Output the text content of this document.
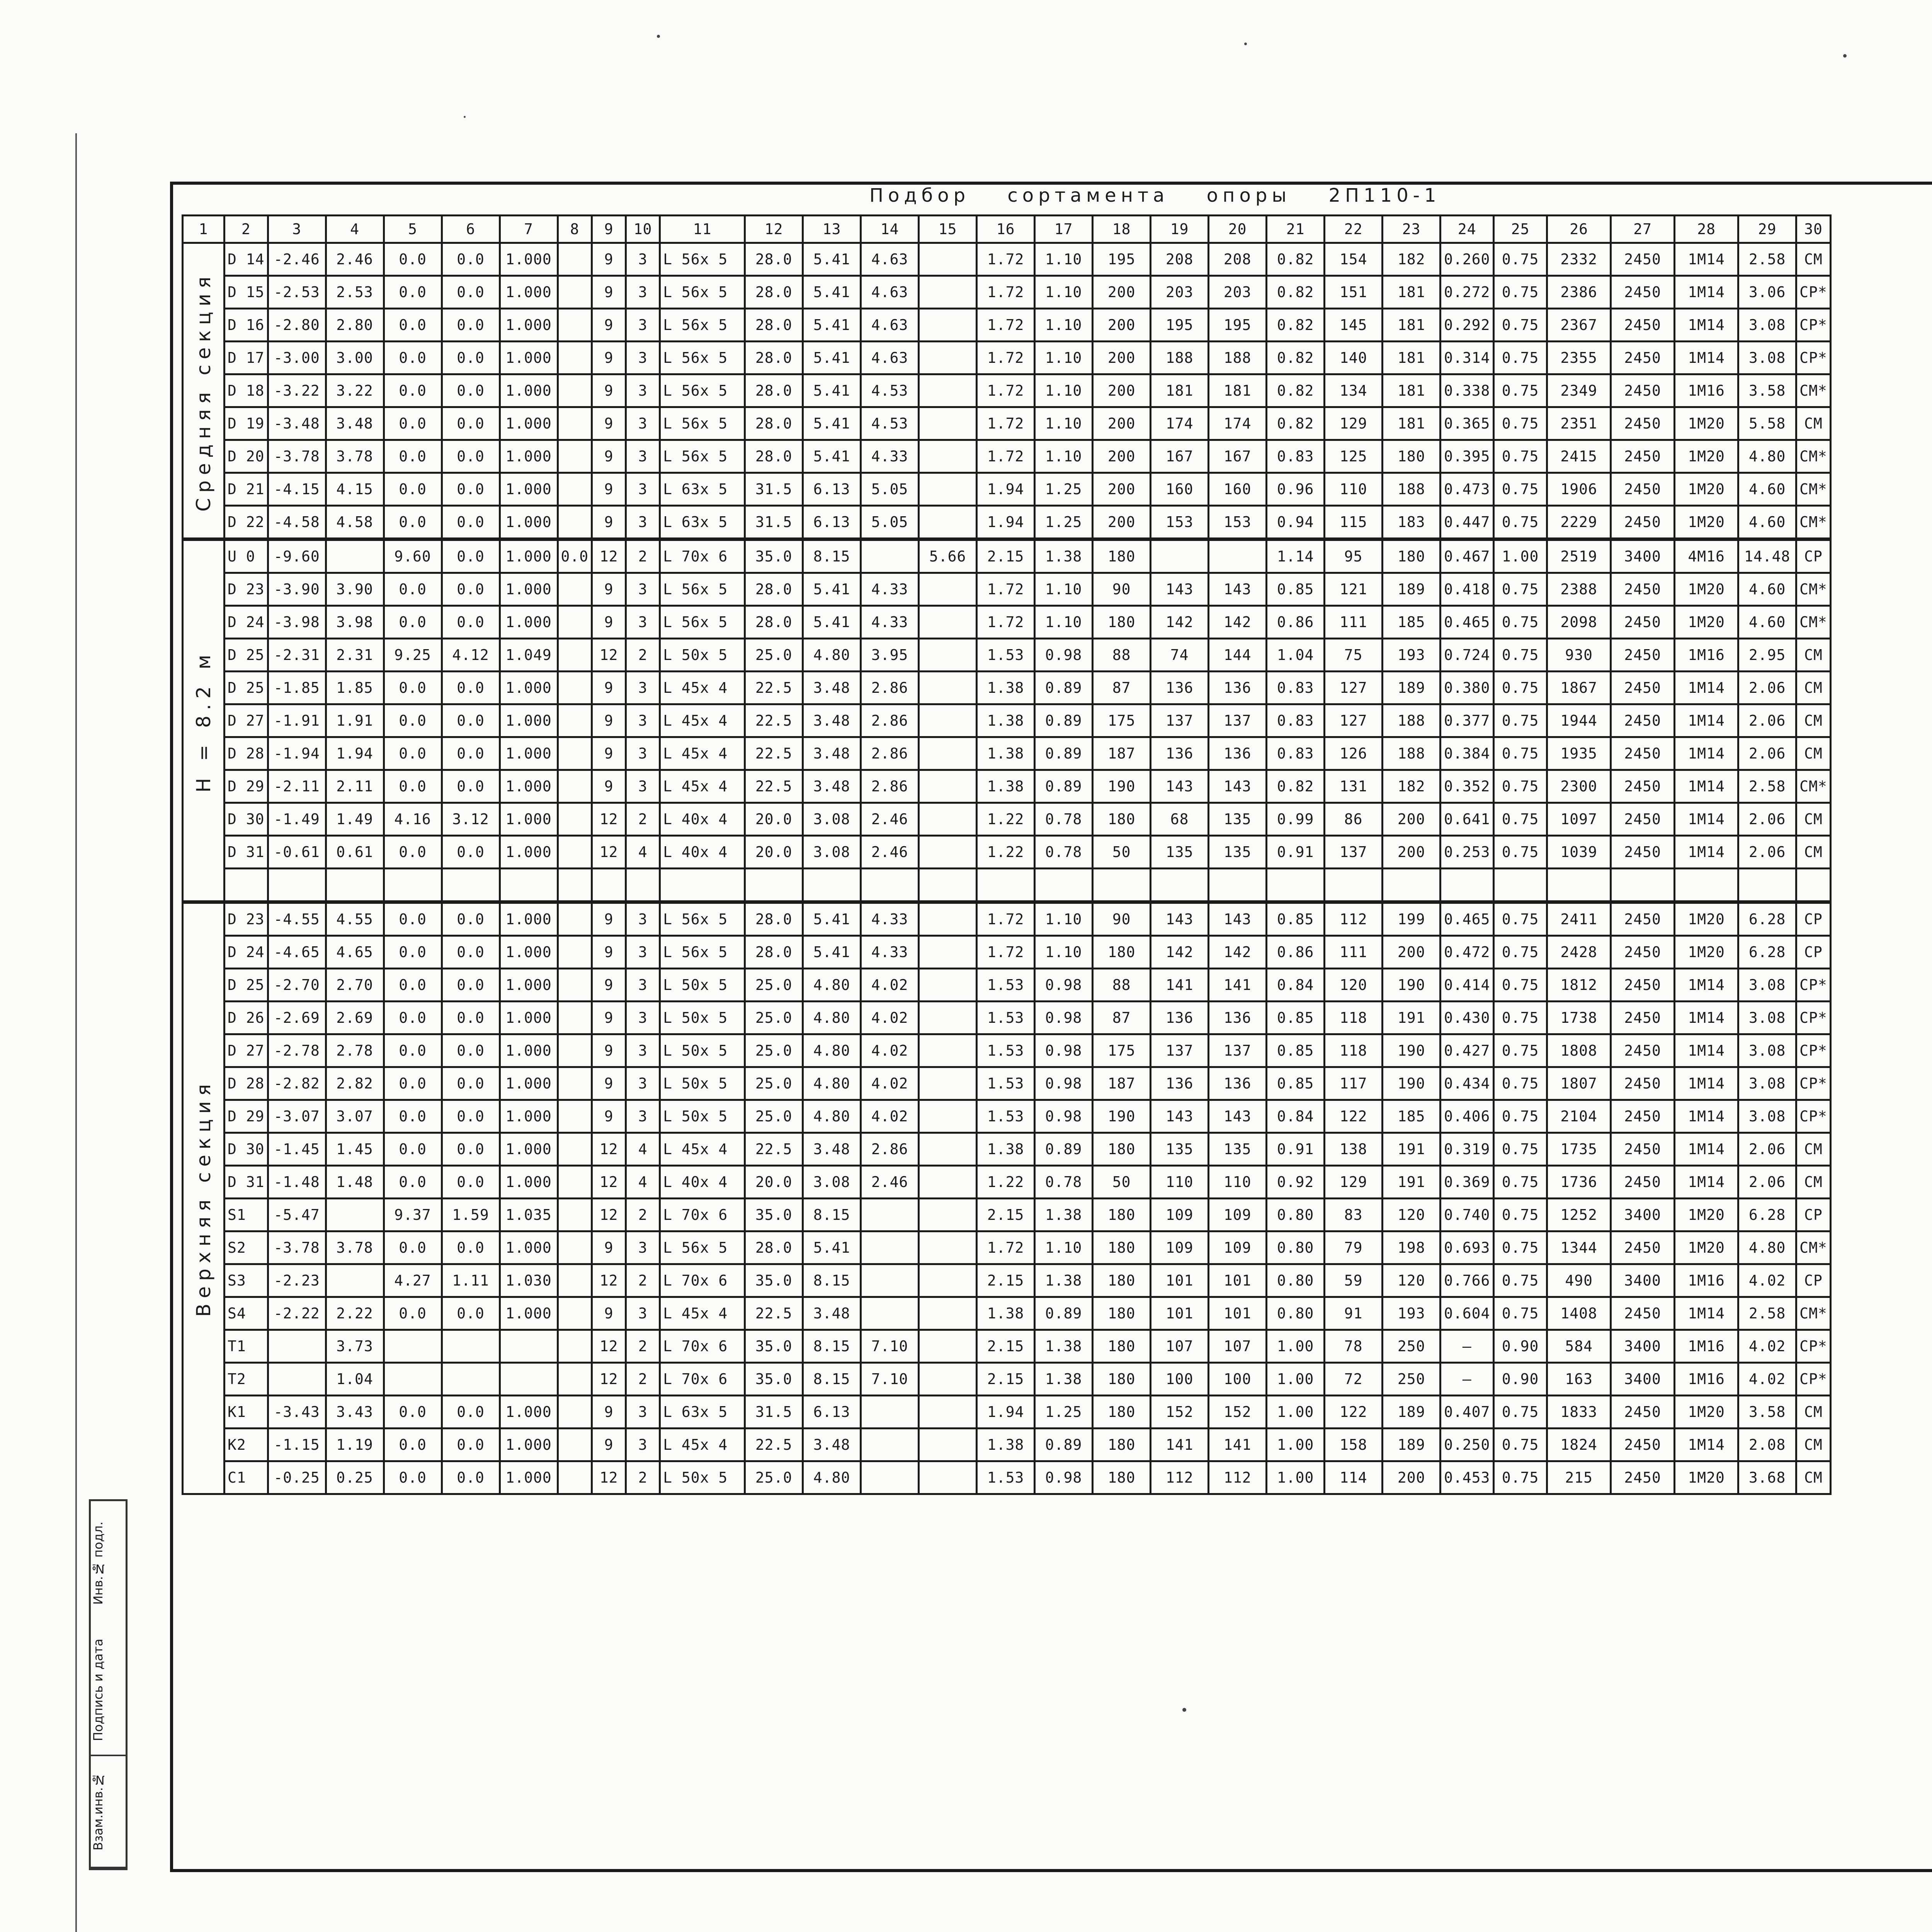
Подбор сортамента опоры 2П110-1
1	2	3	4	5	6	7	8	9	10	11	12	13	14	15	16	17	18	19	20	21	22	23	24	25	26	27	28	29	30
Средняя секция	D 14	-2.46	2.46	0.0	0.0	1.000		9	3	L 56x 5	28.0	5.41	4.63		1.72	1.10	195	208	208	0.82	154	182	0.260	0.75	2332	2450	1M14	2.58	СМ
	D 15	-2.53	2.53	0.0	0.0	1.000		9	3	L 56x 5	28.0	5.41	4.63		1.72	1.10	200	203	203	0.82	151	181	0.272	0.75	2386	2450	1M14	3.06	СР*
	D 16	-2.80	2.80	0.0	0.0	1.000		9	3	L 56x 5	28.0	5.41	4.63		1.72	1.10	200	195	195	0.82	145	181	0.292	0.75	2367	2450	1M14	3.08	СР*
	D 17	-3.00	3.00	0.0	0.0	1.000		9	3	L 56x 5	28.0	5.41	4.63		1.72	1.10	200	188	188	0.82	140	181	0.314	0.75	2355	2450	1M14	3.08	СР*
	D 18	-3.22	3.22	0.0	0.0	1.000		9	3	L 56x 5	28.0	5.41	4.53		1.72	1.10	200	181	181	0.82	134	181	0.338	0.75	2349	2450	1M16	3.58	СМ*
	D 19	-3.48	3.48	0.0	0.0	1.000		9	3	L 56x 5	28.0	5.41	4.53		1.72	1.10	200	174	174	0.82	129	181	0.365	0.75	2351	2450	1M20	5.58	СМ
	D 20	-3.78	3.78	0.0	0.0	1.000		9	3	L 56x 5	28.0	5.41	4.33		1.72	1.10	200	167	167	0.83	125	180	0.395	0.75	2415	2450	1M20	4.80	СМ*
	D 21	-4.15	4.15	0.0	0.0	1.000		9	3	L 63x 5	31.5	6.13	5.05		1.94	1.25	200	160	160	0.96	110	188	0.473	0.75	1906	2450	1M20	4.60	СМ*
	D 22	-4.58	4.58	0.0	0.0	1.000		9	3	L 63x 5	31.5	6.13	5.05		1.94	1.25	200	153	153	0.94	115	183	0.447	0.75	2229	2450	1M20	4.60	СМ*
H = 8.2 м	U 0	-9.60		9.60	0.0	1.000	0.0	12	2	L 70x 6	35.0	8.15		5.66	2.15	1.38	180			1.14	95	180	0.467	1.00	2519	3400	4M16	14.48	СР
	D 23	-3.90	3.90	0.0	0.0	1.000		9	3	L 56x 5	28.0	5.41	4.33		1.72	1.10	90	143	143	0.85	121	189	0.418	0.75	2388	2450	1M20	4.60	СМ*
	D 24	-3.98	3.98	0.0	0.0	1.000		9	3	L 56x 5	28.0	5.41	4.33		1.72	1.10	180	142	142	0.86	111	185	0.465	0.75	2098	2450	1M20	4.60	СМ*
	D 25	-2.31	2.31	9.25	4.12	1.049		12	2	L 50x 5	25.0	4.80	3.95		1.53	0.98	88	74	144	1.04	75	193	0.724	0.75	930	2450	1M16	2.95	СМ
	D 25	-1.85	1.85	0.0	0.0	1.000		9	3	L 45x 4	22.5	3.48	2.86		1.38	0.89	87	136	136	0.83	127	189	0.380	0.75	1867	2450	1M14	2.06	СМ
	D 27	-1.91	1.91	0.0	0.0	1.000		9	3	L 45x 4	22.5	3.48	2.86		1.38	0.89	175	137	137	0.83	127	188	0.377	0.75	1944	2450	1M14	2.06	СМ
	D 28	-1.94	1.94	0.0	0.0	1.000		9	3	L 45x 4	22.5	3.48	2.86		1.38	0.89	187	136	136	0.83	126	188	0.384	0.75	1935	2450	1M14	2.06	СМ
	D 29	-2.11	2.11	0.0	0.0	1.000		9	3	L 45x 4	22.5	3.48	2.86		1.38	0.89	190	143	143	0.82	131	182	0.352	0.75	2300	2450	1M14	2.58	СМ*
	D 30	-1.49	1.49	4.16	3.12	1.000		12	2	L 40x 4	20.0	3.08	2.46		1.22	0.78	180	68	135	0.99	86	200	0.641	0.75	1097	2450	1M14	2.06	СМ
	D 31	-0.61	0.61	0.0	0.0	1.000		12	4	L 40x 4	20.0	3.08	2.46		1.22	0.78	50	135	135	0.91	137	200	0.253	0.75	1039	2450	1M14	2.06	СМ

Верхняя секция	D 23	-4.55	4.55	0.0	0.0	1.000		9	3	L 56x 5	28.0	5.41	4.33		1.72	1.10	90	143	143	0.85	112	199	0.465	0.75	2411	2450	1M20	6.28	СР
	D 24	-4.65	4.65	0.0	0.0	1.000		9	3	L 56x 5	28.0	5.41	4.33		1.72	1.10	180	142	142	0.86	111	200	0.472	0.75	2428	2450	1M20	6.28	СР
	D 25	-2.70	2.70	0.0	0.0	1.000		9	3	L 50x 5	25.0	4.80	4.02		1.53	0.98	88	141	141	0.84	120	190	0.414	0.75	1812	2450	1M14	3.08	СР*
	D 26	-2.69	2.69	0.0	0.0	1.000		9	3	L 50x 5	25.0	4.80	4.02		1.53	0.98	87	136	136	0.85	118	191	0.430	0.75	1738	2450	1M14	3.08	СР*
	D 27	-2.78	2.78	0.0	0.0	1.000		9	3	L 50x 5	25.0	4.80	4.02		1.53	0.98	175	137	137	0.85	118	190	0.427	0.75	1808	2450	1M14	3.08	СР*
	D 28	-2.82	2.82	0.0	0.0	1.000		9	3	L 50x 5	25.0	4.80	4.02		1.53	0.98	187	136	136	0.85	117	190	0.434	0.75	1807	2450	1M14	3.08	СР*
	D 29	-3.07	3.07	0.0	0.0	1.000		9	3	L 50x 5	25.0	4.80	4.02		1.53	0.98	190	143	143	0.84	122	185	0.406	0.75	2104	2450	1M14	3.08	СР*
	D 30	-1.45	1.45	0.0	0.0	1.000		12	4	L 45x 4	22.5	3.48	2.86		1.38	0.89	180	135	135	0.91	138	191	0.319	0.75	1735	2450	1M14	2.06	СМ
	D 31	-1.48	1.48	0.0	0.0	1.000		12	4	L 40x 4	20.0	3.08	2.46		1.22	0.78	50	110	110	0.92	129	191	0.369	0.75	1736	2450	1M14	2.06	СМ
	S1	-5.47		9.37	1.59	1.035		12	2	L 70x 6	35.0	8.15			2.15	1.38	180	109	109	0.80	83	120	0.740	0.75	1252	3400	1M20	6.28	СР
	S2	-3.78	3.78	0.0	0.0	1.000		9	3	L 56x 5	28.0	5.41			1.72	1.10	180	109	109	0.80	79	198	0.693	0.75	1344	2450	1M20	4.80	СМ*
	S3	-2.23		4.27	1.11	1.030		12	2	L 70x 6	35.0	8.15			2.15	1.38	180	101	101	0.80	59	120	0.766	0.75	490	3400	1M16	4.02	СР
	S4	-2.22	2.22	0.0	0.0	1.000		9	3	L 45x 4	22.5	3.48			1.38	0.89	180	101	101	0.80	91	193	0.604	0.75	1408	2450	1M14	2.58	СМ*
	T1		3.73					12	2	L 70x 6	35.0	8.15	7.10		2.15	1.38	180	107	107	1.00	78	250	—	0.90	584	3400	1M16	4.02	СР*
	T2		1.04					12	2	L 70x 6	35.0	8.15	7.10		2.15	1.38	180	100	100	1.00	72	250	—	0.90	163	3400	1M16	4.02	СР*
	K1	-3.43	3.43	0.0	0.0	1.000		9	3	L 63x 5	31.5	6.13			1.94	1.25	180	152	152	1.00	122	189	0.407	0.75	1833	2450	1M20	3.58	СМ
	K2	-1.15	1.19	0.0	0.0	1.000		9	3	L 45x 4	22.5	3.48			1.38	0.89	180	141	141	1.00	158	189	0.250	0.75	1824	2450	1M14	2.08	СМ
	C1	-0.25	0.25	0.0	0.0	1.000		12	2	L 50x 5	25.0	4.80			1.53	0.98	180	112	112	1.00	114	200	0.453	0.75	215	2450	1M20	3.68	СМ
Инв.№ подл.
Подпись и дата
Взам.инв.№
